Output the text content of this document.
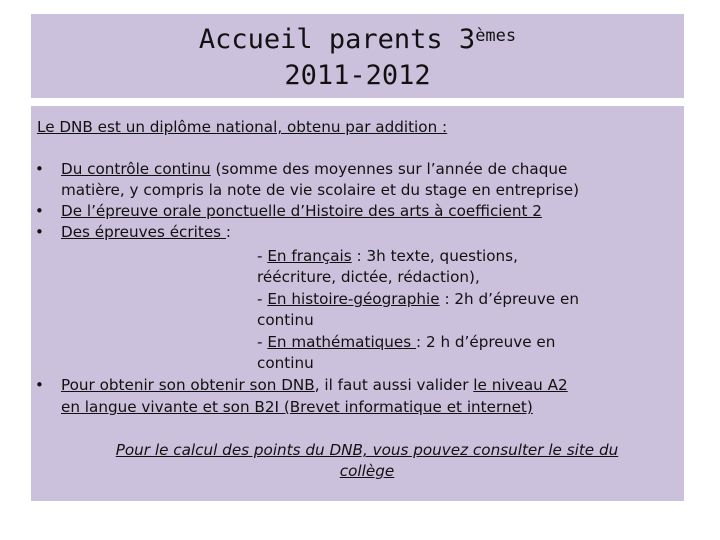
Accueil parents 3èmes
2011-2012
Le DNB est un diplôme national, obtenu par addition :
• Du contrôle continu (somme des moyennes sur l’année de chaque
matière, y compris la note de vie scolaire et du stage en entreprise)
• De l’épreuve orale ponctuelle d’Histoire des arts à coefficient 2
• Des épreuves écrites :
- En français : 3h texte, questions,
réécriture, dictée, rédaction),
- En histoire-géographie : 2h d’épreuve en
continu
- En mathématiques : 2 h d’épreuve en
continu
• Pour obtenir son obtenir son DNB, il faut aussi valider le niveau A2
en langue vivante et son B2I (Brevet informatique et internet)
Pour le calcul des points du DNB, vous pouvez consulter le site du
collège
